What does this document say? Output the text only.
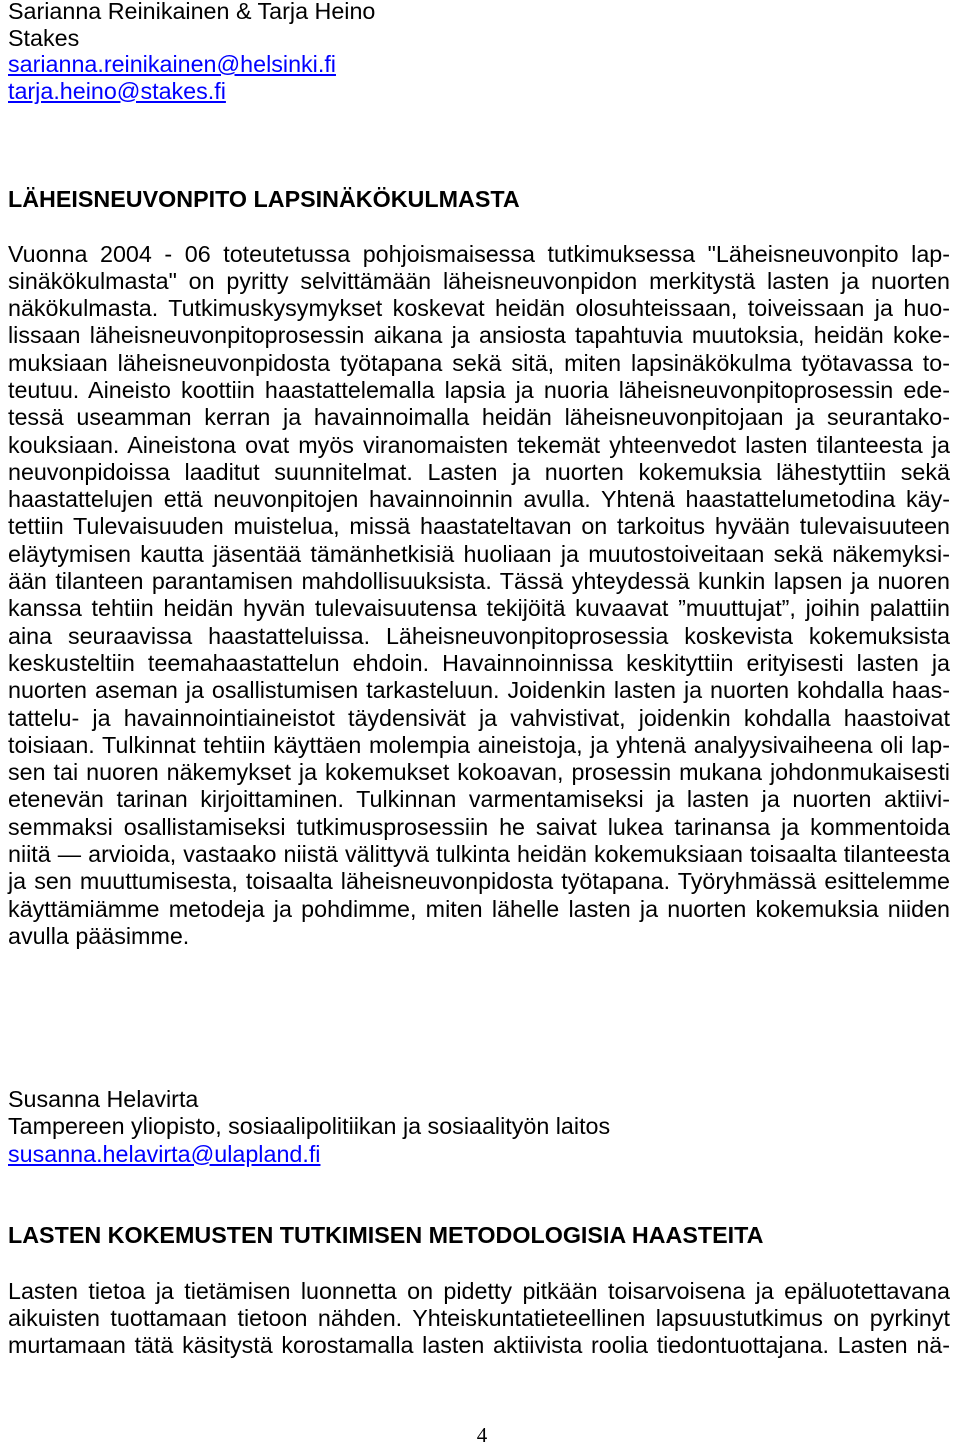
Sarianna Reinikainen & Tarja Heino
Stakes
sarianna.reinikainen@helsinki.fi
tarja.heino@stakes.fi
LÄHEISNEUVONPITO LAPSINÄKÖKULMASTA
Vuonna 2004 - 06 toteutetussa pohjoismaisessa tutkimuksessa "Läheisneuvonpito lap-
sinäkökulmasta" on pyritty selvittämään läheisneuvonpidon merkitystä lasten ja nuorten
näkökulmasta. Tutkimuskysymykset koskevat heidän olosuhteissaan, toiveissaan ja huo-
lissaan läheisneuvonpitoprosessin aikana ja ansiosta tapahtuvia muutoksia, heidän koke-
muksiaan läheisneuvonpidosta työtapana sekä sitä, miten lapsinäkökulma työtavassa to-
teutuu. Aineisto koottiin haastattelemalla lapsia ja nuoria läheisneuvonpitoprosessin ede-
tessä useamman kerran ja havainnoimalla heidän läheisneuvonpitojaan ja seurantako-
kouksiaan. Aineistona ovat myös viranomaisten tekemät yhteenvedot lasten tilanteesta ja
neuvonpidoissa laaditut suunnitelmat. Lasten ja nuorten kokemuksia lähestyttiin sekä
haastattelujen että neuvonpitojen havainnoinnin avulla. Yhtenä haastattelumetodina käy-
tettiin Tulevaisuuden muistelua, missä haastateltavan on tarkoitus hyvään tulevaisuuteen
eläytymisen kautta jäsentää tämänhetkisiä huoliaan ja muutostoiveitaan sekä näkemyksi-
ään tilanteen parantamisen mahdollisuuksista. Tässä yhteydessä kunkin lapsen ja nuoren
kanssa tehtiin heidän hyvän tulevaisuutensa tekijöitä kuvaavat ”muuttujat”, joihin palattiin
aina seuraavissa haastatteluissa. Läheisneuvonpitoprosessia koskevista kokemuksista
keskusteltiin teemahaastattelun ehdoin. Havainnoinnissa keskityttiin erityisesti lasten ja
nuorten aseman ja osallistumisen tarkasteluun. Joidenkin lasten ja nuorten kohdalla haas-
tattelu- ja havainnointiaineistot täydensivät ja vahvistivat, joidenkin kohdalla haastoivat
toisiaan. Tulkinnat tehtiin käyttäen molempia aineistoja, ja yhtenä analyysivaiheena oli lap-
sen tai nuoren näkemykset ja kokemukset kokoavan, prosessin mukana johdonmukaisesti
etenevän tarinan kirjoittaminen. Tulkinnan varmentamiseksi ja lasten ja nuorten aktiivi-
semmaksi osallistamiseksi tutkimusprosessiin he saivat lukea tarinansa ja kommentoida
niitä — arvioida, vastaako niistä välittyvä tulkinta heidän kokemuksiaan toisaalta tilanteesta
ja sen muuttumisesta, toisaalta läheisneuvonpidosta työtapana. Työryhmässä esittelemme
käyttämiämme metodeja ja pohdimme, miten lähelle lasten ja nuorten kokemuksia niiden
avulla pääsimme.
Susanna Helavirta
Tampereen yliopisto, sosiaalipolitiikan ja sosiaalityön laitos
susanna.helavirta@ulapland.fi
LASTEN KOKEMUSTEN TUTKIMISEN METODOLOGISIA HAASTEITA
Lasten tietoa ja tietämisen luonnetta on pidetty pitkään toisarvoisena ja epäluotettavana
aikuisten tuottamaan tietoon nähden. Yhteiskuntatieteellinen lapsuustutkimus on pyrkinyt
murtamaan tätä käsitystä korostamalla lasten aktiivista roolia tiedontuottajana. Lasten nä-
4
